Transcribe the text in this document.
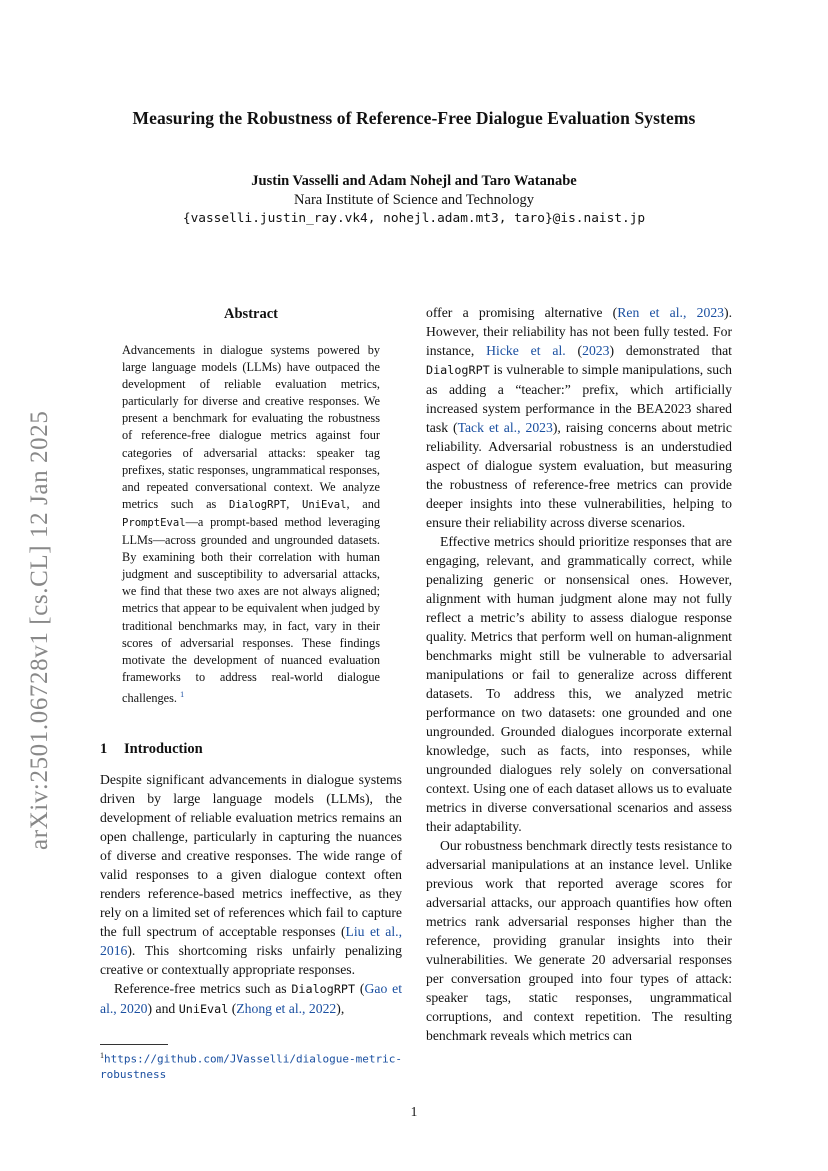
arXiv:2501.06728v1 [cs.CL] 12 Jan 2025
Measuring the Robustness of Reference-Free Dialogue Evaluation Systems
Justin Vasselli and Adam Nohejl and Taro Watanabe
Nara Institute of Science and Technology
{vasselli.justin_ray.vk4, nohejl.adam.mt3, taro}@is.naist.jp
Abstract

Advancements in dialogue systems powered by large language models (LLMs) have outpaced the development of reliable evaluation metrics, particularly for diverse and creative responses. We present a benchmark for evaluating the robustness of reference-free dialogue metrics against four categories of adversarial attacks: speaker tag prefixes, static responses, ungrammatical responses, and repeated conversational context. We analyze metrics such as DialogRPT, UniEval, and PromptEval—a prompt-based method leveraging LLMs—across grounded and ungrounded datasets. By examining both their correlation with human judgment and susceptibility to adversarial attacks, we find that these two axes are not always aligned; metrics that appear to be equivalent when judged by traditional benchmarks may, in fact, vary in their scores of adversarial responses. These findings motivate the development of nuanced evaluation frameworks to address real-world dialogue challenges. $^1$

1 Introduction

Despite significant advancements in dialogue systems driven by large language models (LLMs), the development of reliable evaluation metrics remains an open challenge, particularly in capturing the nuances of diverse and creative responses. The wide range of valid responses to a given dialogue context often renders reference-based metrics ineffective, as they rely on a limited set of references which fail to capture the full spectrum of acceptable responses (Liu et al., 2016). This shortcoming risks unfairly penalizing creative or contextually appropriate responses.

Reference-free metrics such as DialogRPT (Gao et al., 2020) and UniEval (Zhong et al., 2022),

$^1$https://github.com/JVasselli/dialogue-metric-robustness

offer a promising alternative (Ren et al., 2023). However, their reliability has not been fully tested. For instance, Hicke et al. (2023) demonstrated that DialogRPT is vulnerable to simple manipulations, such as adding a “teacher:” prefix, which artificially increased system performance in the BEA2023 shared task (Tack et al., 2023), raising concerns about metric reliability. Adversarial robustness is an understudied aspect of dialogue system evaluation, but measuring the robustness of reference-free metrics can provide deeper insights into these vulnerabilities, helping to ensure their reliability across diverse scenarios.

Effective metrics should prioritize responses that are engaging, relevant, and grammatically correct, while penalizing generic or nonsensical ones. However, alignment with human judgment alone may not fully reflect a metric’s ability to assess dialogue response quality. Metrics that perform well on human-alignment benchmarks might still be vulnerable to adversarial manipulations or fail to generalize across different datasets. To address this, we analyzed metric performance on two datasets: one grounded and one ungrounded. Grounded dialogues incorporate external knowledge, such as facts, into responses, while ungrounded dialogues rely solely on conversational context. Using one of each dataset allows us to evaluate metrics in diverse conversational scenarios and assess their adaptability.

Our robustness benchmark directly tests resistance to adversarial manipulations at an instance level. Unlike previous work that reported average scores for adversarial attacks, our approach quantifies how often metrics rank adversarial responses higher than the reference, providing granular insights into their vulnerabilities. We generate 20 adversarial responses per conversation grouped into four types of attack: speaker tags, static responses, ungrammatical corruptions, and context repetition. The resulting benchmark reveals which metrics can

1
